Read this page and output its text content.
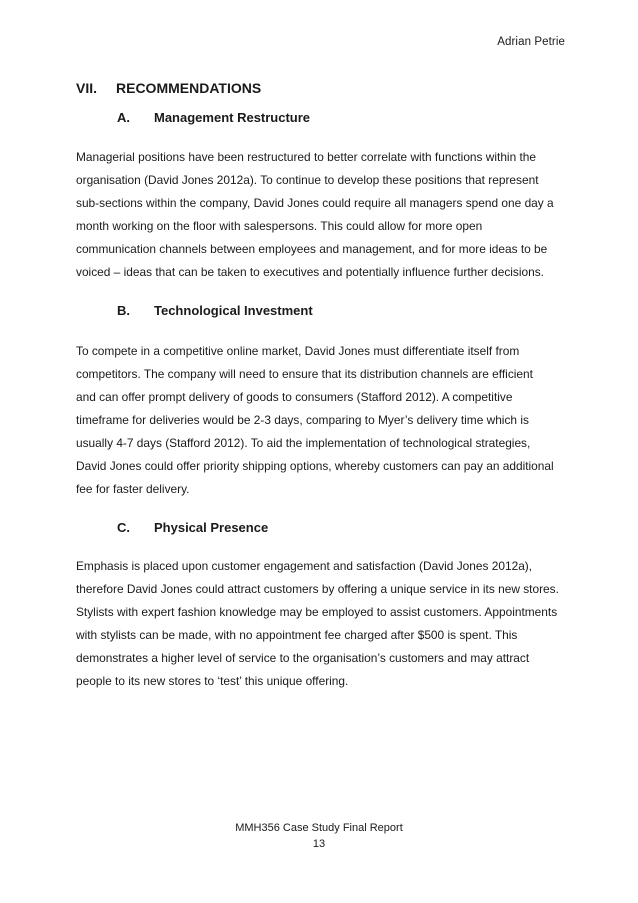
Adrian Petrie
VII. RECOMMENDATIONS
A. Management Restructure
Managerial positions have been restructured to better correlate with functions within the
organisation (David Jones 2012a). To continue to develop these positions that represent
sub-sections within the company, David Jones could require all managers spend one day a
month working on the floor with salespersons. This could allow for more open
communication channels between employees and management, and for more ideas to be
voiced – ideas that can be taken to executives and potentially influence further decisions.
B. Technological Investment
To compete in a competitive online market, David Jones must differentiate itself from
competitors. The company will need to ensure that its distribution channels are efficient
and can offer prompt delivery of goods to consumers (Stafford 2012). A competitive
timeframe for deliveries would be 2-3 days, comparing to Myer’s delivery time which is
usually 4-7 days (Stafford 2012). To aid the implementation of technological strategies,
David Jones could offer priority shipping options, whereby customers can pay an additional
fee for faster delivery.
C. Physical Presence
Emphasis is placed upon customer engagement and satisfaction (David Jones 2012a),
therefore David Jones could attract customers by offering a unique service in its new stores.
Stylists with expert fashion knowledge may be employed to assist customers. Appointments
with stylists can be made, with no appointment fee charged after $500 is spent. This
demonstrates a higher level of service to the organisation’s customers and may attract
people to its new stores to ‘test’ this unique offering.
MMH356 Case Study Final Report
13
